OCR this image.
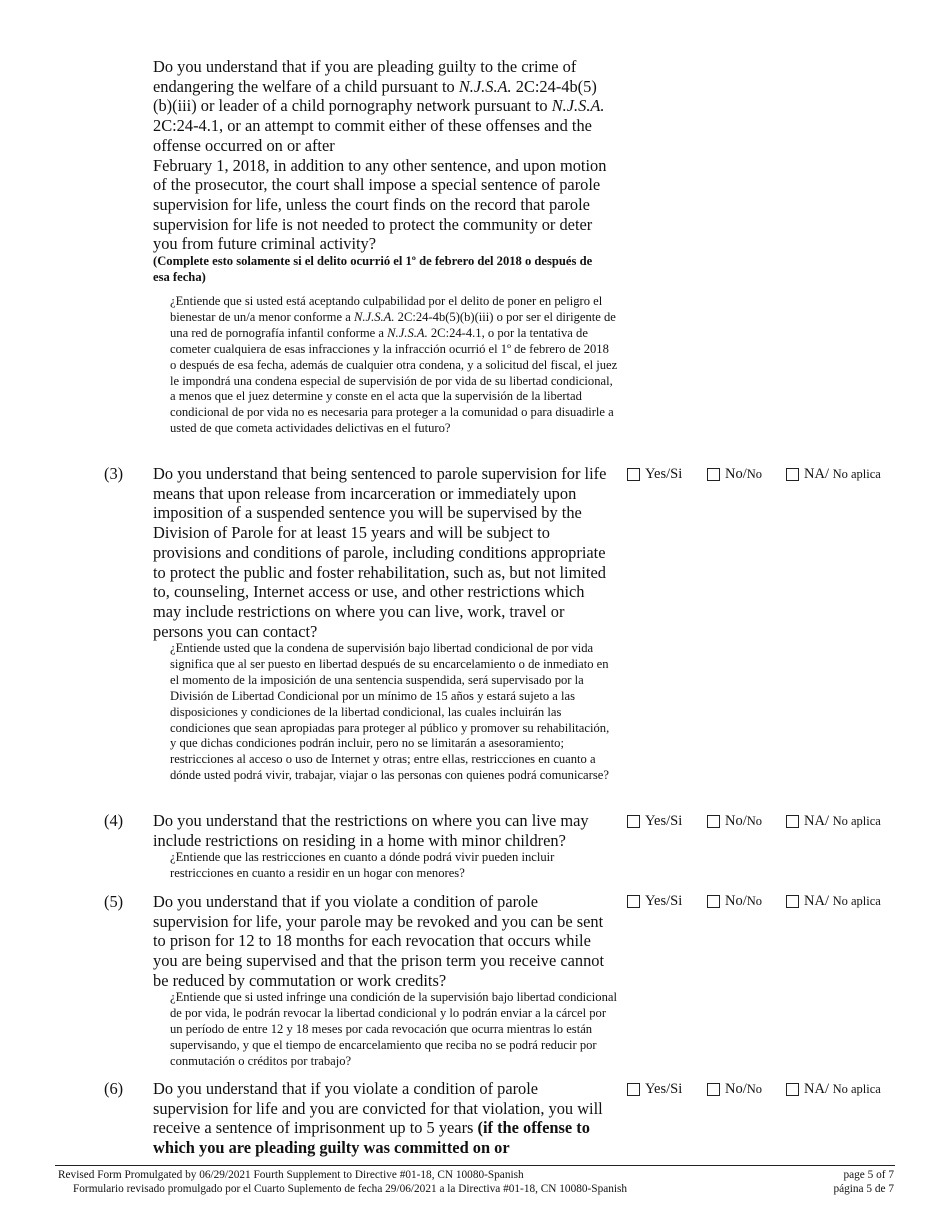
Do you understand that if you are pleading guilty to the crime of endangering the welfare of a child pursuant to N.J.S.A. 2C:24-4b(5)(b)(iii) or leader of a child pornography network pursuant to N.J.S.A. 2C:24-4.1, or an attempt to commit either of these offenses and the offense occurred on or after
February 1, 2018, in addition to any other sentence, and upon motion of the prosecutor, the court shall impose a special sentence of parole supervision for life, unless the court finds on the record that parole supervision for life is not needed to protect the community or deter you from future criminal activity?
(Complete esto solamente si el delito ocurrió el 1º de febrero del 2018 o después de esa fecha)
¿Entiende que si usted está aceptando culpabilidad por el delito de poner en peligro el bienestar de un/a menor conforme a N.J.S.A. 2C:24-4b(5)(b)(iii) o por ser el dirigente de una red de pornografía infantil conforme a N.J.S.A. 2C:24-4.1, o por la tentativa de cometer cualquiera de esas infracciones y la infracción ocurrió el 1º de febrero de 2018 o después de esa fecha, además de cualquier otra condena, y a solicitud del fiscal, el juez le impondrá una condena especial de supervisión de por vida de su libertad condicional, a menos que el juez determine y conste en el acta que la supervisión de la libertad condicional de por vida no es necesaria para proteger a la comunidad o para disuadirle a usted de que cometa actividades delictivas en el futuro?
(3) Do you understand that being sentenced to parole supervision for life means that upon release from incarceration or immediately upon imposition of a suspended sentence you will be supervised by the Division of Parole for at least 15 years and will be subject to provisions and conditions of parole, including conditions appropriate to protect the public and foster rehabilitation, such as, but not limited to, counseling, Internet access or use, and other restrictions which may include restrictions on where you can live, work, travel or persons you can contact?
¿Entiende usted que la condena de supervisión bajo libertad condicional de por vida significa que al ser puesto en libertad después de su encarcelamiento o de inmediato en el momento de la imposición de una sentencia suspendida, será supervisado por la División de Libertad Condicional por un mínimo de 15 años y estará sujeto a las disposiciones y condiciones de la libertad condicional, las cuales incluirán las condiciones que sean apropiadas para proteger al público y promover su rehabilitación, y que dichas condiciones podrán incluir, pero no se limitarán a asesoramiento; restricciones al acceso o uso de Internet y otras; entre ellas, restricciones en cuanto a dónde usted podrá vivir, trabajar, viajar o las personas con quienes podrá comunicarse?
Yes/Si	No/ No	NA/
No aplica
(4) Do you understand that the restrictions on where you can live may include restrictions on residing in a home with minor children?
¿Entiende que las restricciones en cuanto a dónde podrá vivir pueden incluir restricciones en cuanto a residir en un hogar con menores?
Yes/Si	No/ No	NA/
No aplica
(5) Do you understand that if you violate a condition of parole supervision for life, your parole may be revoked and you can be sent to prison for 12 to 18 months for each revocation that occurs while you are being supervised and that the prison term you receive cannot be reduced by commutation or work credits?
¿Entiende que si usted infringe una condición de la supervisión bajo libertad condicional de por vida, le podrán revocar la libertad condicional y lo podrán enviar a la cárcel por un período de entre 12 y 18 meses por cada revocación que ocurra mientras lo están supervisando, y que el tiempo de encarcelamiento que reciba no se podrá reducir por conmutación o créditos por trabajo?
Yes/Si	No/ No	NA/
No aplica
(6) Do you understand that if you violate a condition of parole supervision for life and you are convicted for that violation, you will receive a sentence of imprisonment up to 5 years (if the offense to which you are pleading guilty was committed on or
Yes/Si	No/ No	NA/
No aplica
Revised Form Promulgated by 06/29/2021 Fourth Supplement to Directive #01-18, CN 10080-Spanish
Formulario revisado promulgado por el Cuarto Suplemento de fecha 29/06/2021 a la Directiva #01-18, CN 10080-Spanish
page 5 of 7
página 5 de 7
